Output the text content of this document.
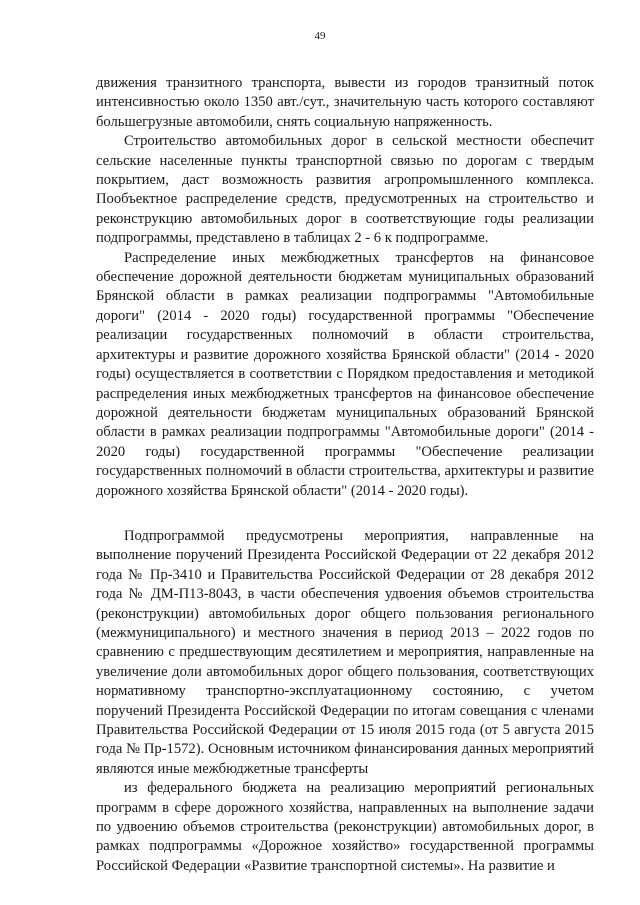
49

движения транзитного транспорта, вывести из городов транзитный поток интенсивностью около 1350 авт./сут., значительную часть которого составляют большегрузные автомобили, снять социальную напряженность.

Строительство автомобильных дорог в сельской местности обеспечит сельские населенные пункты транспортной связью по дорогам с твердым покрытием, даст возможность развития агропромышленного комплекса. Пообъектное распределение средств, предусмотренных на строительство и реконструкцию автомобильных дорог в соответствующие годы реализации подпрограммы, представлено в таблицах 2 - 6 к подпрограмме.

Распределение иных межбюджетных трансфертов на финансовое обеспечение дорожной деятельности бюджетам муниципальных образований Брянской области в рамках реализации подпрограммы "Автомобильные дороги" (2014 - 2020 годы) государственной программы "Обеспечение реализации государственных полномочий в области строительства, архитектуры и развитие дорожного хозяйства Брянской области" (2014 - 2020 годы) осуществляется в соответствии с Порядком предоставления и методикой распределения иных межбюджетных трансфертов на финансовое обеспечение дорожной деятельности бюджетам муниципальных образований Брянской области в рамках реализации подпрограммы "Автомобильные дороги" (2014 - 2020 годы) государственной программы "Обеспечение реализации государственных полномочий в области строительства, архитектуры и развитие дорожного хозяйства Брянской области" (2014 - 2020 годы).

Подпрограммой предусмотрены мероприятия, направленные на выполнение поручений Президента Российской Федерации от 22 декабря 2012 года № Пр-3410 и Правительства Российской Федерации от 28 декабря 2012 года № ДМ-П13-8043, в части обеспечения удвоения объемов строительства (реконструкции) автомобильных дорог общего пользования регионального (межмуниципального) и местного значения в период 2013 – 2022 годов по сравнению с предшествующим десятилетием и мероприятия, направленные на увеличение доли автомобильных дорог общего пользования, соответствующих нормативному транспортно-эксплуатационному состоянию, с учетом поручений Президента Российской Федерации по итогам совещания с членами Правительства Российской Федерации от 15 июля 2015 года (от 5 августа 2015 года № Пр-1572). Основным источником финансирования данных мероприятий являются иные межбюджетные трансферты

из федерального бюджета на реализацию мероприятий региональных программ в сфере дорожного хозяйства, направленных на выполнение задачи по удвоению объемов строительства (реконструкции) автомобильных дорог, в рамках подпрограммы «Дорожное хозяйство» государственной программы Российской Федерации «Развитие транспортной системы». На развитие и
